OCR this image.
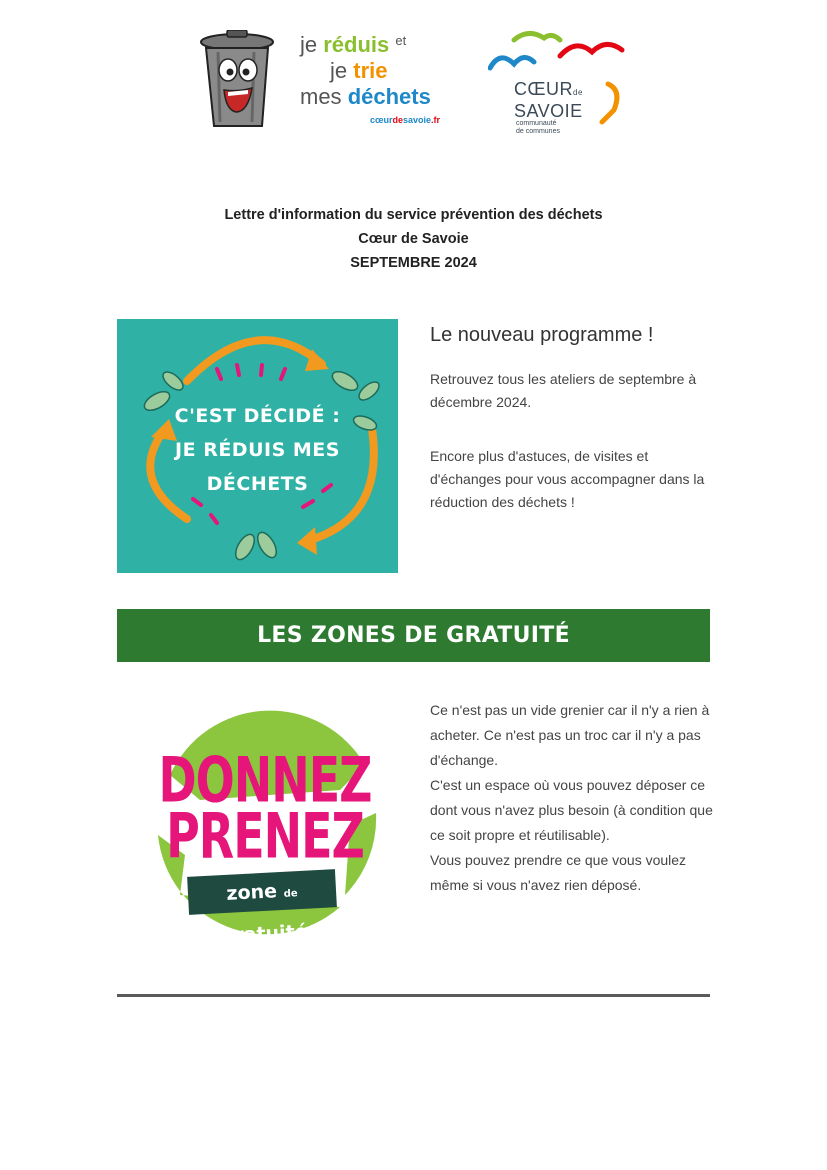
je réduis $^{et}$
je trie
mes déchets
cœurdesavoie.fr
CŒURde
SAVOIE
communauté
de communes
Lettre d'information du service prévention des déchets
Cœur de Savoie
SEPTEMBRE 2024
C'EST DÉCIDÉ :
JE RÉDUIS MES
DÉCHETS
Le nouveau programme !
Retrouvez tous les ateliers de septembre à décembre 2024.
Encore plus d'astuces, de visites et d'échanges pour vous accompagner dans la réduction des déchets !
LES ZONES DE GRATUITÉ
DONNEZ
PRENEZ
zone de gratuité

Ce n'est pas un vide grenier car il n'y a rien à acheter. Ce n'est pas un troc car il n'y a pas d'échange.

C'est un espace où vous pouvez déposer ce dont vous n'avez plus besoin (à condition que ce soit propre et réutilisable).

Vous pouvez prendre ce que vous voulez même si vous n'avez rien déposé.
